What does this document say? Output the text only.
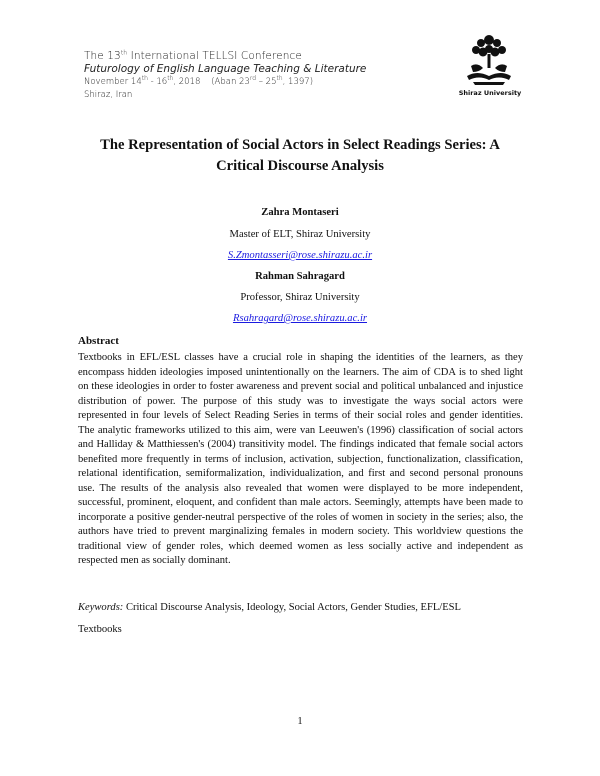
The 13th International TELLSI Conference
Futurology of English Language Teaching & Literature
November 14th - 16th, 2018    (Aban 23rd – 25th, 1397)
Shiraz, Iran	Shiraz University
The Representation of Social Actors in Select Readings Series: A
Critical Discourse Analysis
Zahra Montaseri
Master of ELT, Shiraz University
S.Zmontasseri@rose.shirazu.ac.ir
Rahman Sahragard
Professor, Shiraz University
Rsahragard@rose.shirazu.ac.ir
Abstract

Textbooks in EFL/ESL classes have a crucial role in shaping the identities of the learners, as they encompass hidden ideologies imposed unintentionally on the learners. The aim of CDA is to shed light on these ideologies in order to foster awareness and prevent social and political unbalanced and injustice distribution of power. The purpose of this study was to investigate the ways social actors were represented in four levels of Select Reading Series in terms of their social roles and gender identities. The analytic frameworks utilized to this aim, were van Leeuwen's (1996) classification of social actors and Halliday & Matthiessen's (2004) transitivity model. The findings indicated that female social actors benefited more frequently in terms of inclusion, activation, subjection, functionalization, classification, relational identification, semiformalization, individualization, and first and second personal pronouns use. The results of the analysis also revealed that women were displayed to be more independent, successful, prominent, eloquent, and confident than male actors. Seemingly, attempts have been made to incorporate a positive gender-neutral perspective of the roles of women in society in the series; also, the authors have tried to prevent marginalizing females in modern society. This worldview questions the traditional view of gender roles, which deemed women as less socially active and independent as respected men as socially dominant.

Keywords: Critical Discourse Analysis, Ideology, Social Actors, Gender Studies, EFL/ESL

Textbooks
1
